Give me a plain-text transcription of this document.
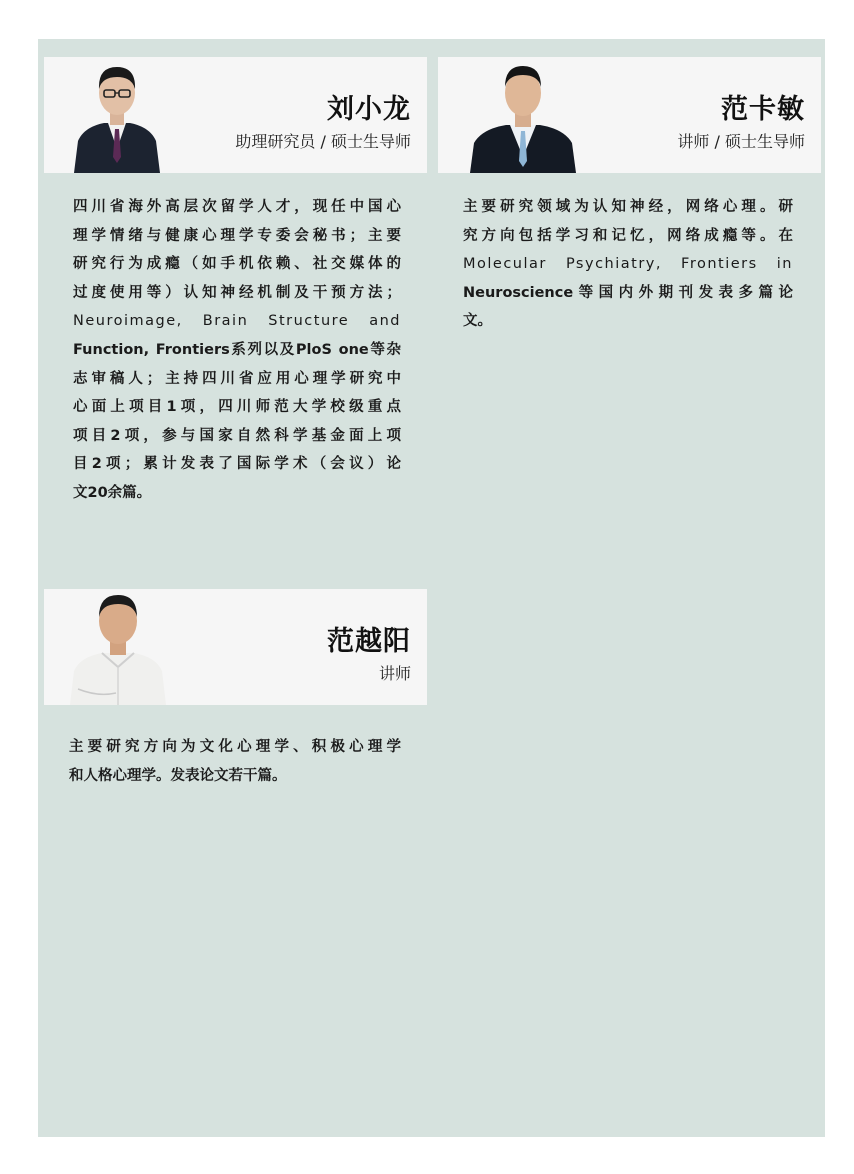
刘小龙
助理研究员 / 硕士生导师
四川省海外高层次留学人才，现任中国心
理学情绪与健康心理学专委会秘书；主要
研究行为成瘾（如手机依赖、社交媒体的
过度使用等）认知神经机制及干预方法；
Neuroimage, Brain Structure and
Function, Frontiers系列以及PloS one等杂
志审稿人；主持四川省应用心理学研究中
心面上项目1项，四川师范大学校级重点
项目2项，参与国家自然科学基金面上项
目2项；累计发表了国际学术（会议）论
文20余篇。
范卡敏
讲师 / 硕士生导师
主要研究领域为认知神经，网络心理。研
究方向包括学习和记忆，网络成瘾等。在
Molecular Psychiatry, Frontiers in
Neuroscience等国内外期刊发表多篇论
文。
范越阳
讲师
主要研究方向为文化心理学、积极心理学
和人格心理学。发表论文若干篇。
